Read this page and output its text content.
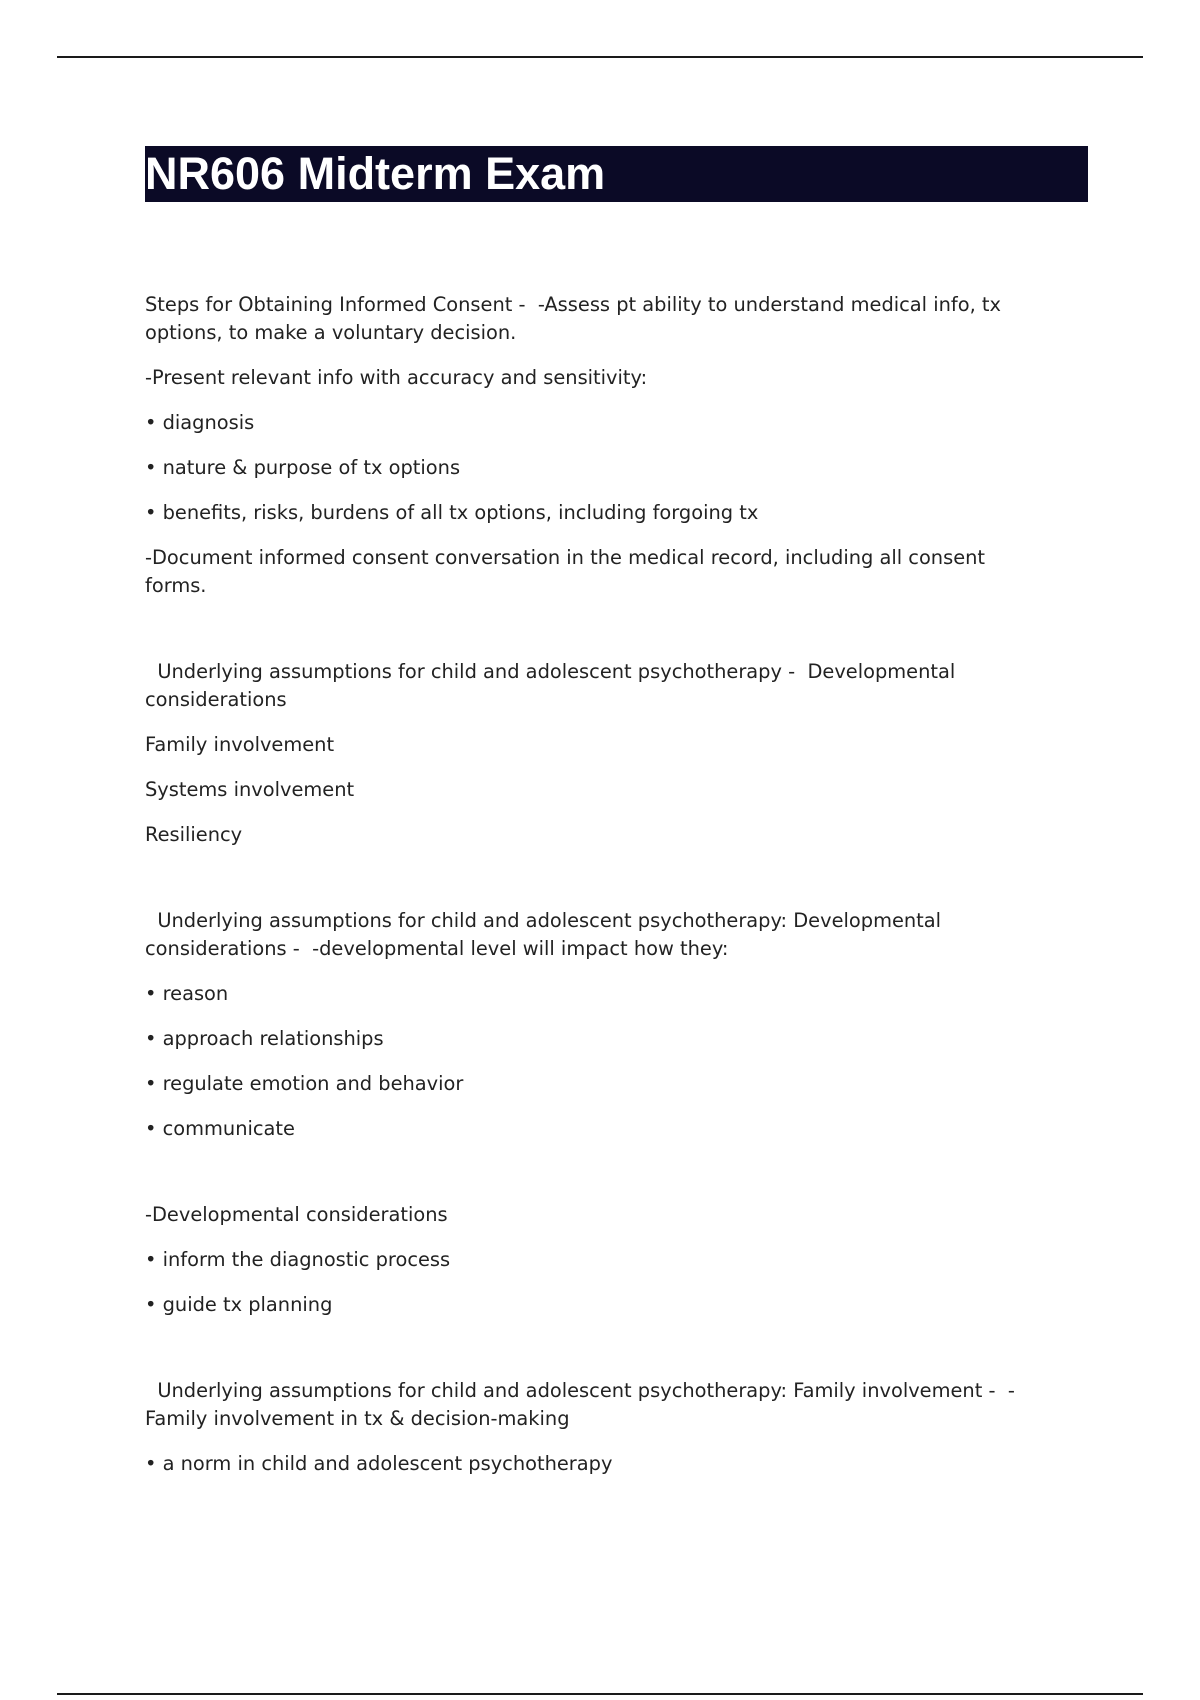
NR606 Midterm Exam

Steps for Obtaining Informed Consent -  -Assess pt ability to understand medical info, tx options, to make a voluntary decision.

-Present relevant info with accuracy and sensitivity:

• diagnosis

• nature & purpose of tx options

• benefits, risks, burdens of all tx options, including forgoing tx

-Document informed consent conversation in the medical record, including all consent forms.

Underlying assumptions for child and adolescent psychotherapy -  Developmental considerations

Family involvement

Systems involvement

Resiliency

Underlying assumptions for child and adolescent psychotherapy: Developmental considerations -  -developmental level will impact how they:

• reason

• approach relationships

• regulate emotion and behavior

• communicate

-Developmental considerations

• inform the diagnostic process

• guide tx planning

Underlying assumptions for child and adolescent psychotherapy: Family involvement -  -Family involvement in tx & decision-making

• a norm in child and adolescent psychotherapy
